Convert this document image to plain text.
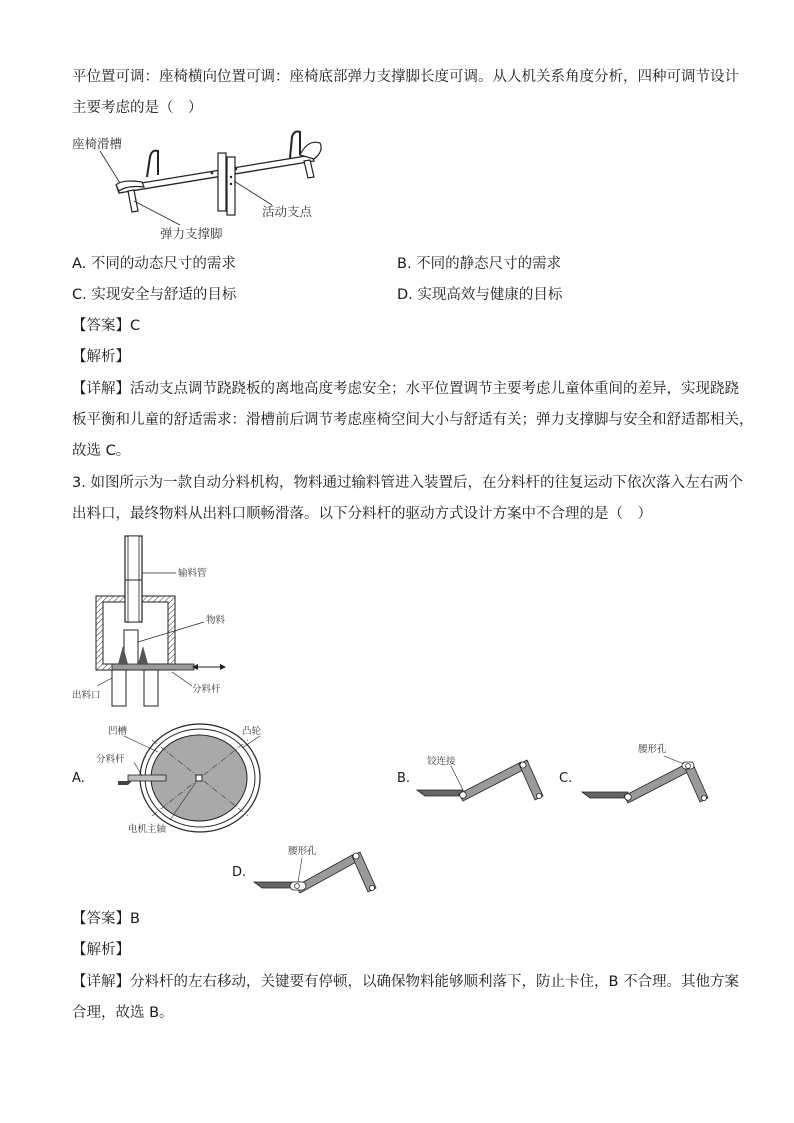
平位置可调：座椅横向位置可调：座椅底部弹力支撑脚长度可调。从人机关系角度分析，四种可调节设计
主要考虑的是（　）
座椅滑槽
活动支点
弹力支撑脚
A. 不同的动态尺寸的需求	B. 不同的静态尺寸的需求
C. 实现安全与舒适的目标	D. 实现高效与健康的目标
【答案】C
【解析】
【详解】活动支点调节跷跷板的离地高度考虑安全；水平位置调节主要考虑儿童体重间的差异，实现跷跷
板平衡和儿童的舒适需求：滑槽前后调节考虑座椅空间大小与舒适有关；弹力支撑脚与安全和舒适都相关，
故选 C。
3. 如图所示为一款自动分料机构，物料通过输料管进入装置后，在分料杆的往复运动下依次落入左右两个
出料口，最终物料从出料口顺畅滑落。以下分料杆的驱动方式设计方案中不合理的是（　）
输料管
物料
分料杆
出料口
A.
凹槽	凸轮
分料杆
电机主轴
B.
铰连接
C.
腰形孔
D.
腰形孔
【答案】B
【解析】
【详解】分料杆的左右移动，关键要有停顿，以确保物料能够顺利落下，防止卡住，B 不合理。其他方案
合理，故选 B。
